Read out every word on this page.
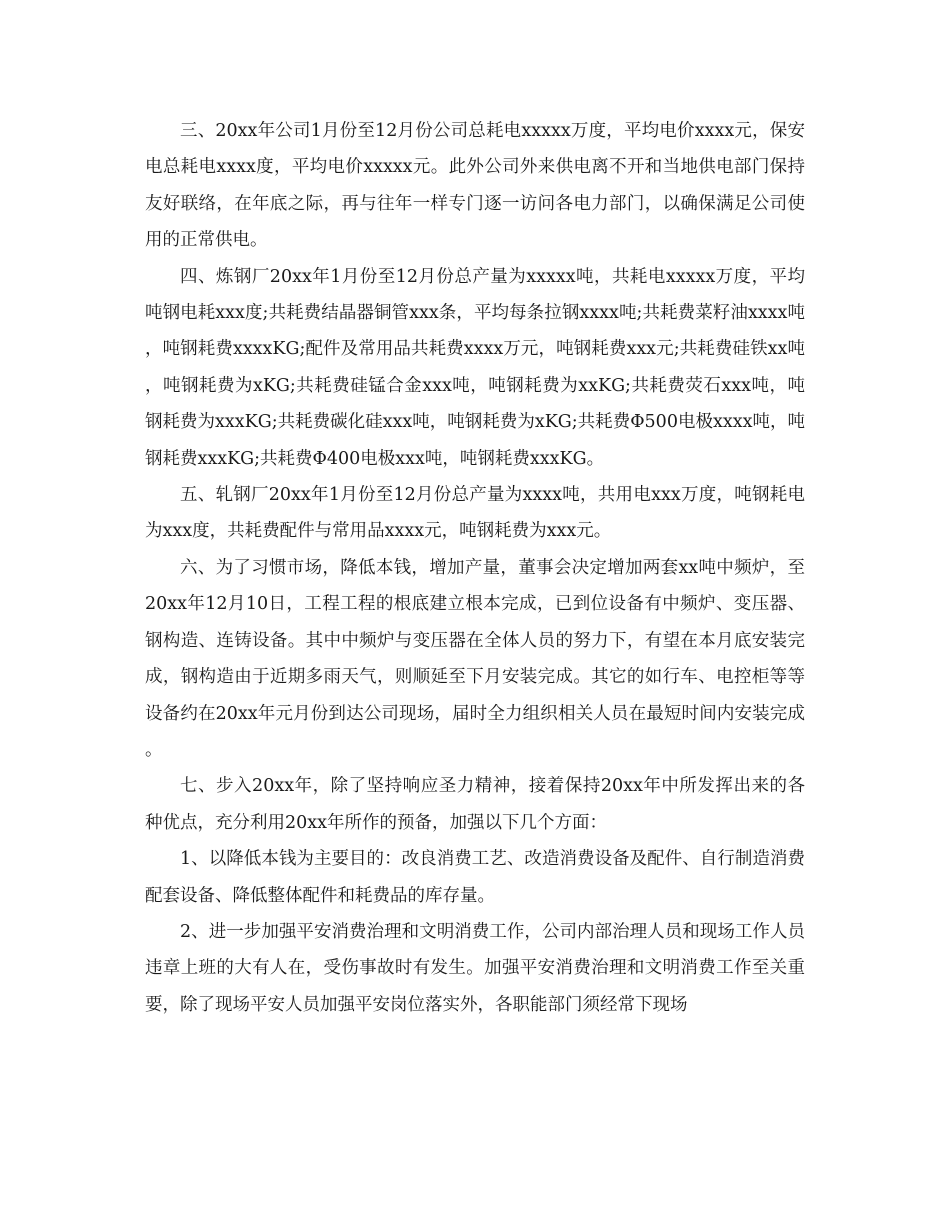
三、20xx年公司1月份至12月份公司总耗电xxxxx万度，平均电价xxxx元，保安电总耗电xxxx度，平均电价xxxxx元。此外公司外来供电离不开和当地供电部门保持友好联络，在年底之际，再与往年一样专门逐一访问各电力部门，以确保满足公司使用的正常供电。

四、炼钢厂20xx年1月份至12月份总产量为xxxxx吨，共耗电xxxxx万度，平均吨钢电耗xxx度;共耗费结晶器铜管xxx条，平均每条拉钢xxxx吨;共耗费菜籽油xxxx吨，吨钢耗费xxxxKG;配件及常用品共耗费xxxx万元，吨钢耗费xxx元;共耗费硅铁xx吨，吨钢耗费为xKG;共耗费硅锰合金xxx吨，吨钢耗费为xxKG;共耗费荧石xxx吨，吨钢耗费为xxxKG;共耗费碳化硅xxx吨，吨钢耗费为xKG;共耗费Φ500电极xxxx吨，吨钢耗费xxxKG;共耗费Φ400电极xxx吨，吨钢耗费xxxKG。

五、轧钢厂20xx年1月份至12月份总产量为xxxx吨，共用电xxx万度，吨钢耗电为xxx度，共耗费配件与常用品xxxx元，吨钢耗费为xxx元。

六、为了习惯市场，降低本钱，增加产量，董事会决定增加两套xx吨中频炉，至20xx年12月10日，工程工程的根底建立根本完成，已到位设备有中频炉、变压器、钢构造、连铸设备。其中中频炉与变压器在全体人员的努力下，有望在本月底安装完成，钢构造由于近期多雨天气，则顺延至下月安装完成。其它的如行车、电控柜等等设备约在20xx年元月份到达公司现场，届时全力组织相关人员在最短时间内安装完成。

七、步入20xx年，除了坚持响应圣力精神，接着保持20xx年中所发挥出来的各种优点，充分利用20xx年所作的预备，加强以下几个方面：

1、以降低本钱为主要目的：改良消费工艺、改造消费设备及配件、自行制造消费配套设备、降低整体配件和耗费品的库存量。

2、进一步加强平安消费治理和文明消费工作，公司内部治理人员和现场工作人员违章上班的大有人在，受伤事故时有发生。加强平安消费治理和文明消费工作至关重要，除了现场平安人员加强平安岗位落实外，各职能部门须经常下现场
